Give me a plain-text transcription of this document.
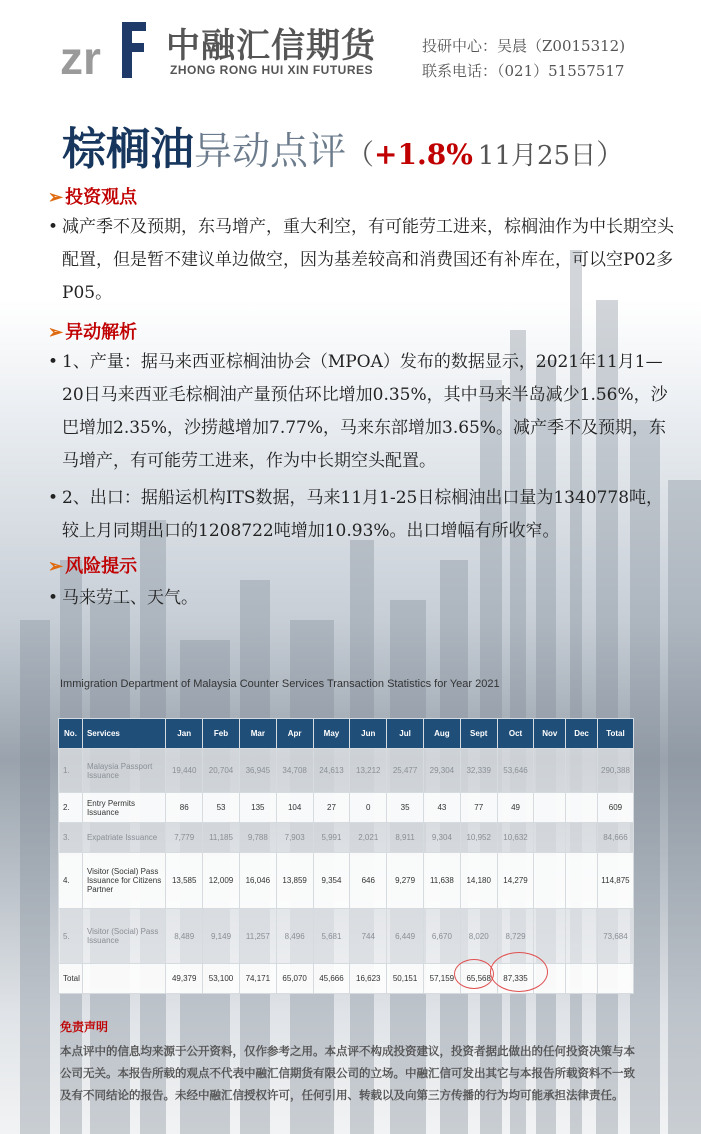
zr 中融汇信期货
ZHONG RONG HUI XIN FUTURES
投研中心：吴晨（Z0015312)
联系电话：（021）51557517
棕榈油异动点评（+1.8% 11月25日）
➢ 投资观点
• 减产季不及预期，东马增产，重大利空，有可能劳工进来，棕榈油作为中长期空头配置，但是暂不建议单边做空，因为基差较高和消费国还有补库在，可以空P02多P05。
➢ 异动解析
• 1、产量：据马来西亚棕榈油协会（MPOA）发布的数据显示，2021年11月1—20日马来西亚毛棕榈油产量预估环比增加0.35%，其中马来半岛减少1.56%，沙巴增加2.35%，沙捞越增加7.77%，马来东部增加3.65%。减产季不及预期，东马增产，有可能劳工进来，作为中长期空头配置。
• 2、出口：据船运机构ITS数据，马来11月1-25日棕榈油出口量为1340778吨，较上月同期出口的1208722吨增加10.93%。出口增幅有所收窄。
➢ 风险提示
• 马来劳工、天气。
Immigration Department of Malaysia Counter Services Transaction Statistics for Year 2021
No.	Services	Jan	Feb	Mar	Apr	May	Jun	Jul	Aug	Sept	Oct	Nov	Dec	Total
1.	Malaysia Passport Issuance	19,440	20,704	36,945	34,708	24,613	13,212	25,477	29,304	32,339	53,646			290,388
2.	Entry Permits Issuance	86	53	135	104	27	0	35	43	77	49			609
3.	Expatriate Issuance	7,779	11,185	9,788	7,903	5,991	2,021	8,911	9,304	10,952	10,632			84,666
4.	Visitor (Social) Pass Issuance for Citizens Partner	13,585	12,009	16,046	13,859	9,354	646	9,279	11,638	14,180	14,279			114,875
5.	Visitor (Social) Pass Issuance	8,489	9,149	11,257	8,496	5,681	744	6,449	6,670	8,020	8,729			73,684
Total		49,379	53,100	74,171	65,070	45,666	16,623	50,151	57,159	65,568	87,335			
免责声明
本点评中的信息均来源于公开资料，仅作参考之用。本点评不构成投资建议，投资者据此做出的任何投资决策与本公司无关。本报告所载的观点不代表中融汇信期货有限公司的立场。中融汇信可发出其它与本报告所载资料不一致及有不同结论的报告。未经中融汇信授权许可，任何引用、转载以及向第三方传播的行为均可能承担法律责任。
